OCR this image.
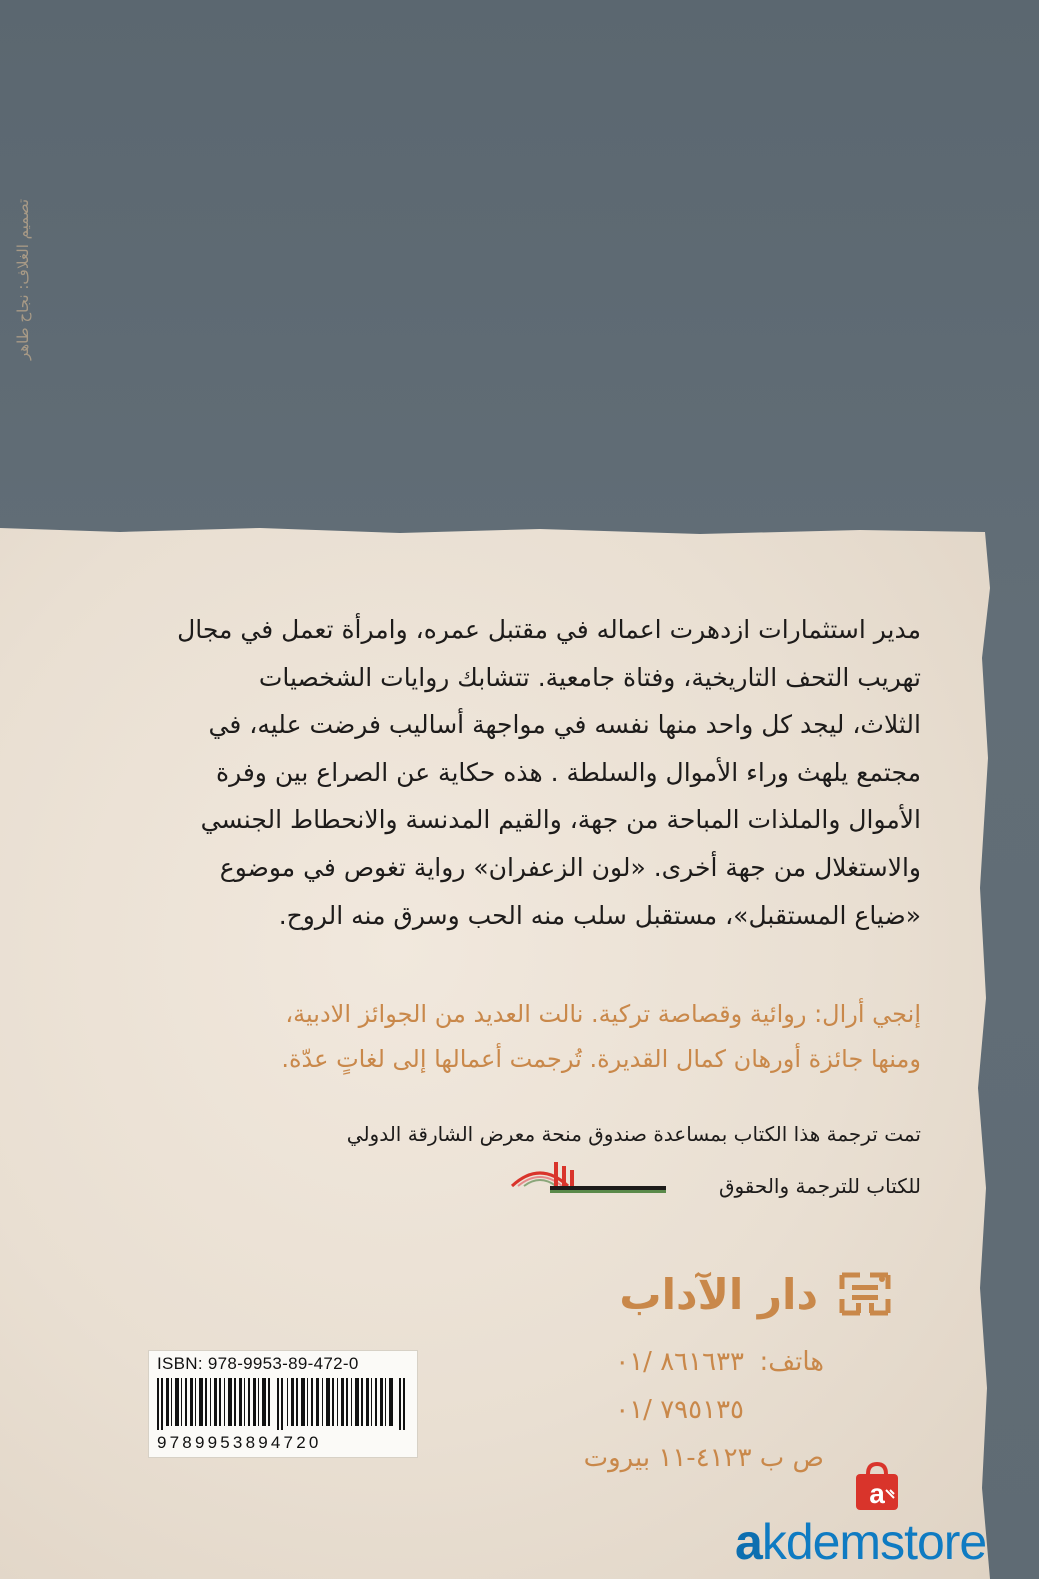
تصميم الغلاف: نجاح طاهر
مدير استثمارات ازدهرت اعماله في مقتبل عمره، وامرأة تعمل في مجال
تهريب التحف التاريخية، وفتاة جامعية. تتشابك روايات الشخصيات
الثلاث، ليجد كل واحد منها نفسه في مواجهة أساليب فرضت عليه، في
مجتمع يلهث وراء الأموال والسلطة . هذه حكاية عن الصراع بين وفرة
الأموال والملذات المباحة من جهة، والقيم المدنسة والانحطاط الجنسي
والاستغلال من جهة أخرى. «لون الزعفران» رواية تغوص في موضوع
«ضياع المستقبل»، مستقبل سلب منه الحب وسرق منه الروح.
إنجي أرال: روائية وقصاصة تركية. نالت العديد من الجوائز الادبية،
ومنها جائزة أورهان كمال القديرة. تُرجمت أعمالها إلى لغاتٍ عدّة.
تمت ترجمة هذا الكتاب بمساعدة صندوق منحة معرض الشارقة الدولي
للكتاب للترجمة والحقوق
دار الآداب
هاتف:
٨٦١٦٣٣ /٠١
٧٩٥١٣٥ /٠١
ص ب ٤١٢٣-١١ بيروت
ISBN: 978-9953-89-472-0
9789953894720
a
akdemstore
